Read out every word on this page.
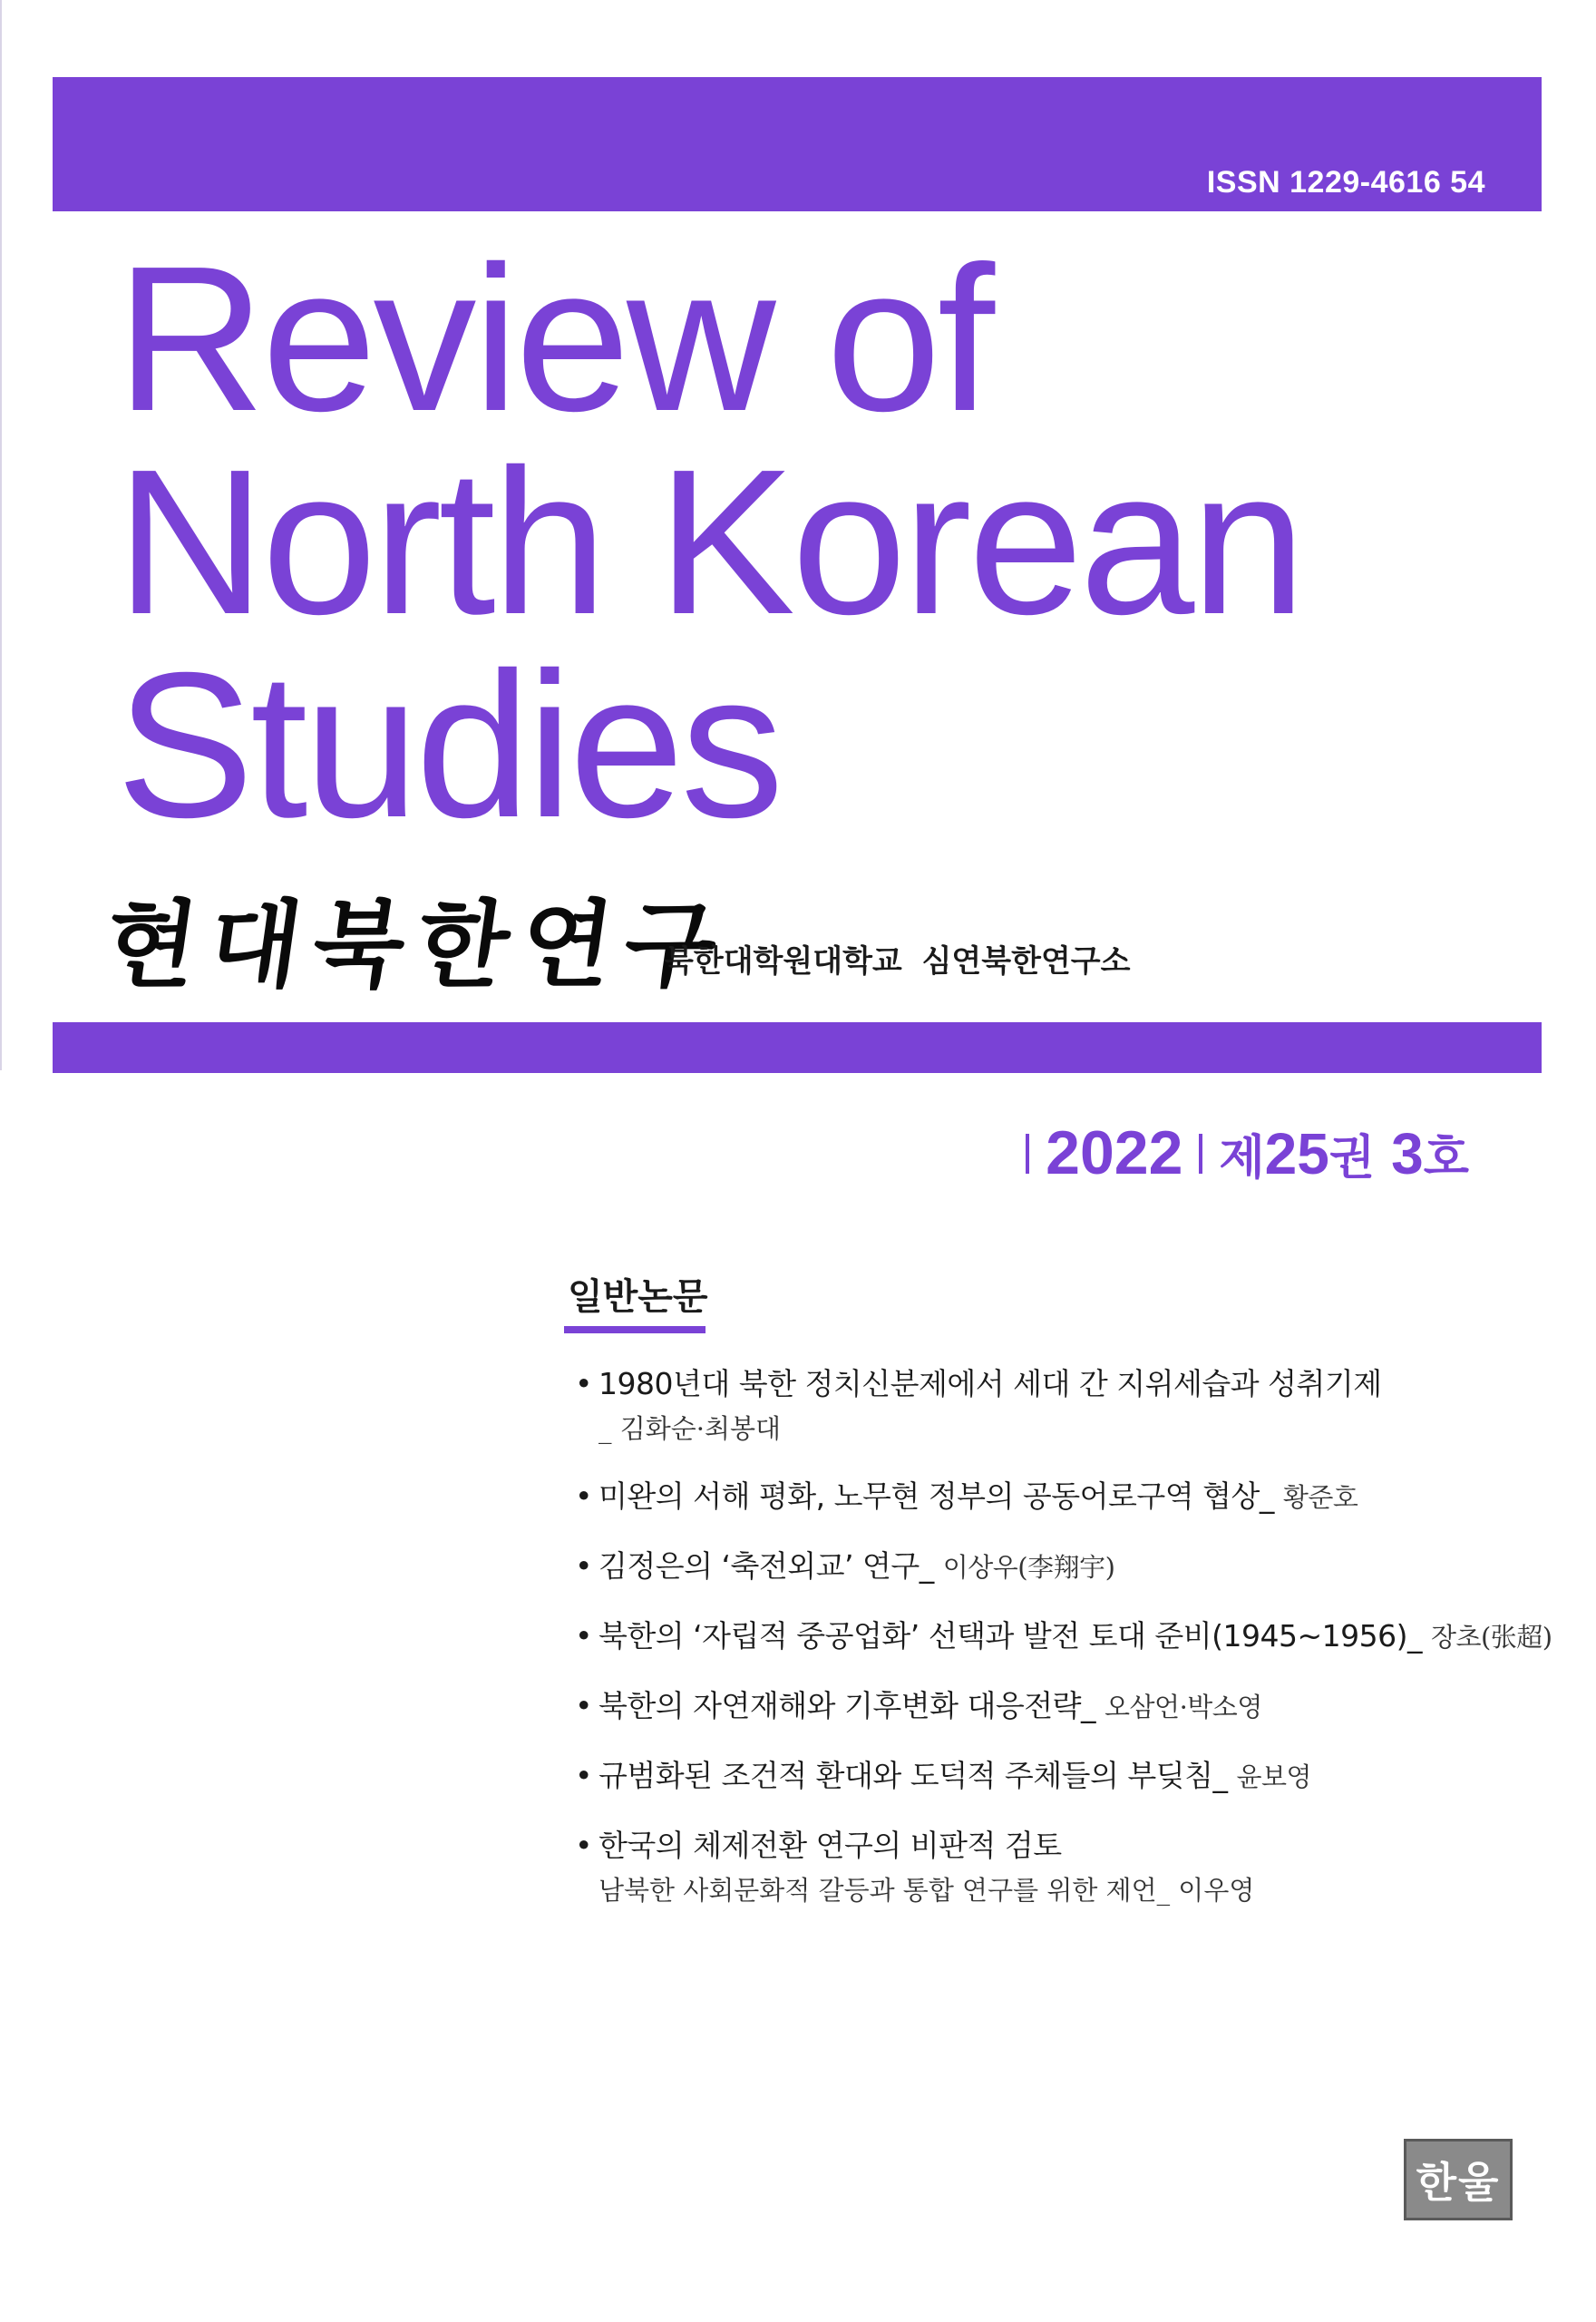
ISSN 1229-4616 54
Review of
North Korean
Studies
현대북한연구
북한대학원대학교 심연북한연구소
2022 제25권 3호
일반논문
• 1980년대 북한 정치신분제에서 세대 간 지위세습과 성취기제
_ 김화순·최봉대
• 미완의 서해 평화, 노무현 정부의 공동어로구역 협상_ 황준호
• 김정은의 ‘축전외교’ 연구_ 이상우(李翔宇)
• 북한의 ‘자립적 중공업화’ 선택과 발전 토대 준비(1945~1956)_ 장초(张超)
• 북한의 자연재해와 기후변화 대응전략_ 오삼언·박소영
• 규범화된 조건적 환대와 도덕적 주체들의 부딪침_ 윤보영
• 한국의 체제전환 연구의 비판적 검토
남북한 사회문화적 갈등과 통합 연구를 위한 제언_ 이우영
한울
